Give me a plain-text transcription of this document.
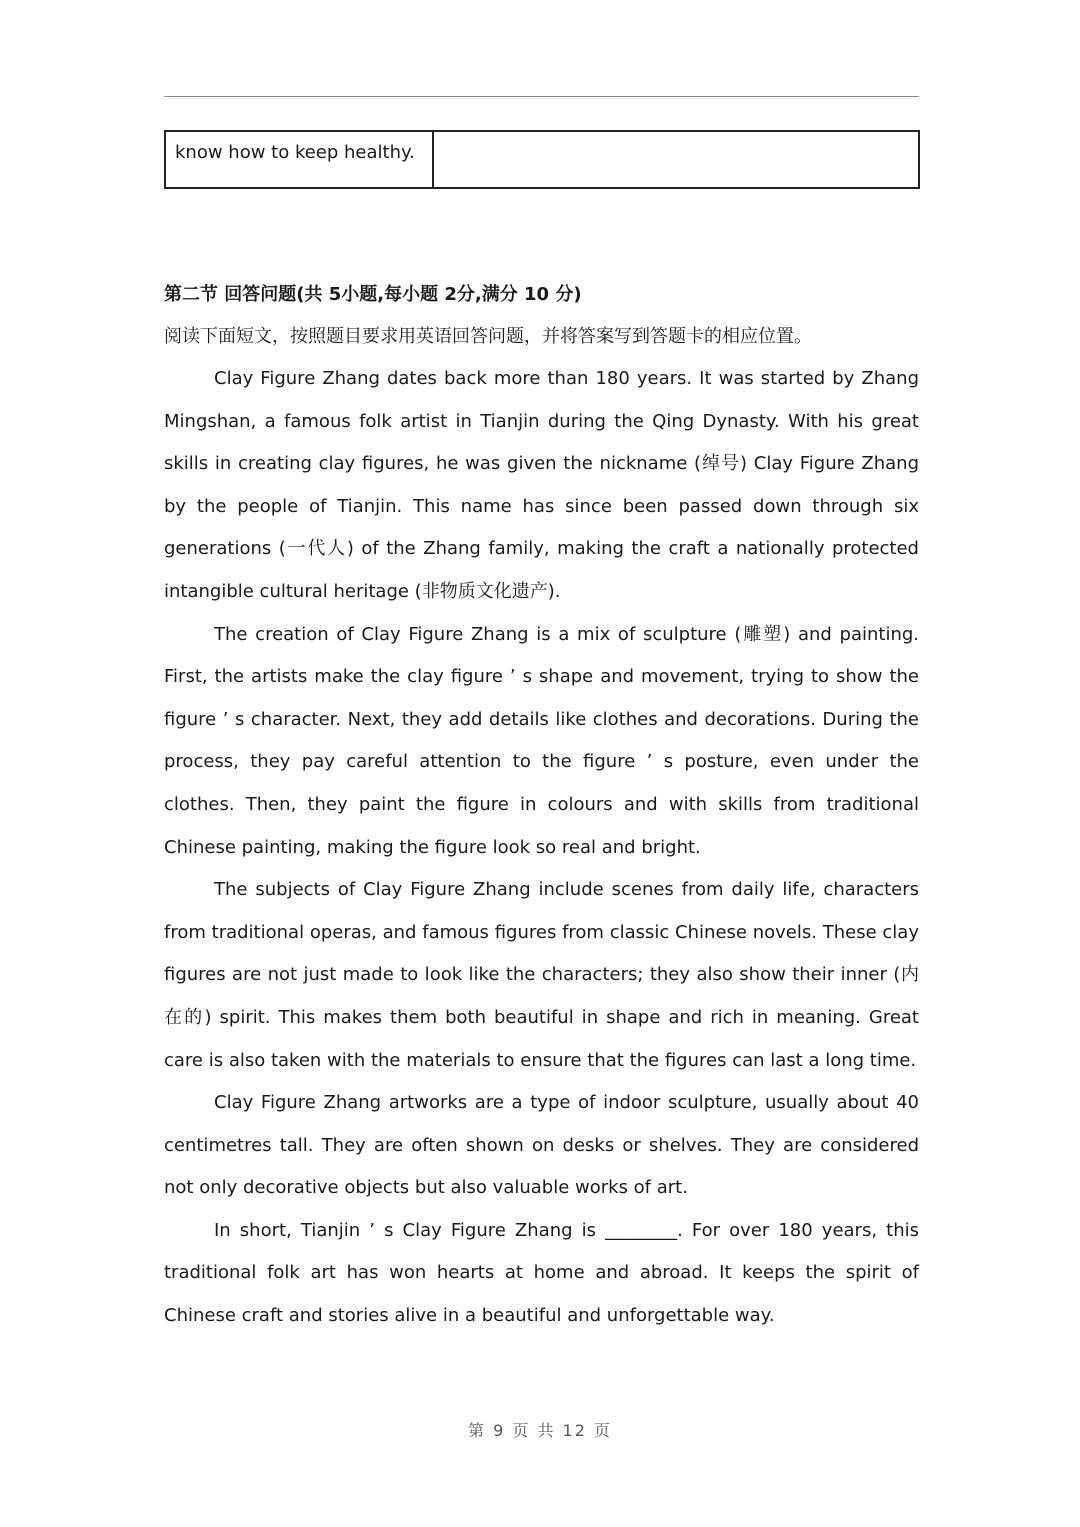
know how to keep healthy.	
第二节 回答问题(共 5小题,每小题 2分,满分 10 分)
阅读下面短文，按照题目要求用英语回答问题，并将答案写到答题卡的相应位置。

Clay Figure Zhang dates back more than 180 years. It was started by Zhang Mingshan, a famous folk artist in Tianjin during the Qing Dynasty. With his great skills in creating clay figures, he was given the nickname (绰号) Clay Figure Zhang by the people of Tianjin. This name has since been passed down through six generations (一代人) of the Zhang family, making the craft a nationally protected intangible cultural heritage (非物质文化遗产).

The creation of Clay Figure Zhang is a mix of sculpture (雕塑) and painting. First, the artists make the clay figure ’ s shape and movement, trying to show the figure ’ s character. Next, they add details like clothes and decorations. During the process, they pay careful attention to the figure ’ s posture, even under the clothes. Then, they paint the figure in colours and with skills from traditional Chinese painting, making the figure look so real and bright.

The subjects of Clay Figure Zhang include scenes from daily life, characters from traditional operas, and famous figures from classic Chinese novels. These clay figures are not just made to look like the characters; they also show their inner (内在的) spirit. This makes them both beautiful in shape and rich in meaning. Great care is also taken with the materials to ensure that the figures can last a long time.

Clay Figure Zhang artworks are a type of indoor sculpture, usually about 40 centimetres tall. They are often shown on desks or shelves. They are considered not only decorative objects but also valuable works of art.

In short, Tianjin ’ s Clay Figure Zhang is ________. For over 180 years, this traditional folk art has won hearts at home and abroad. It keeps the spirit of Chinese craft and stories alive in a beautiful and unforgettable way.

第 9 页 共 12 页
